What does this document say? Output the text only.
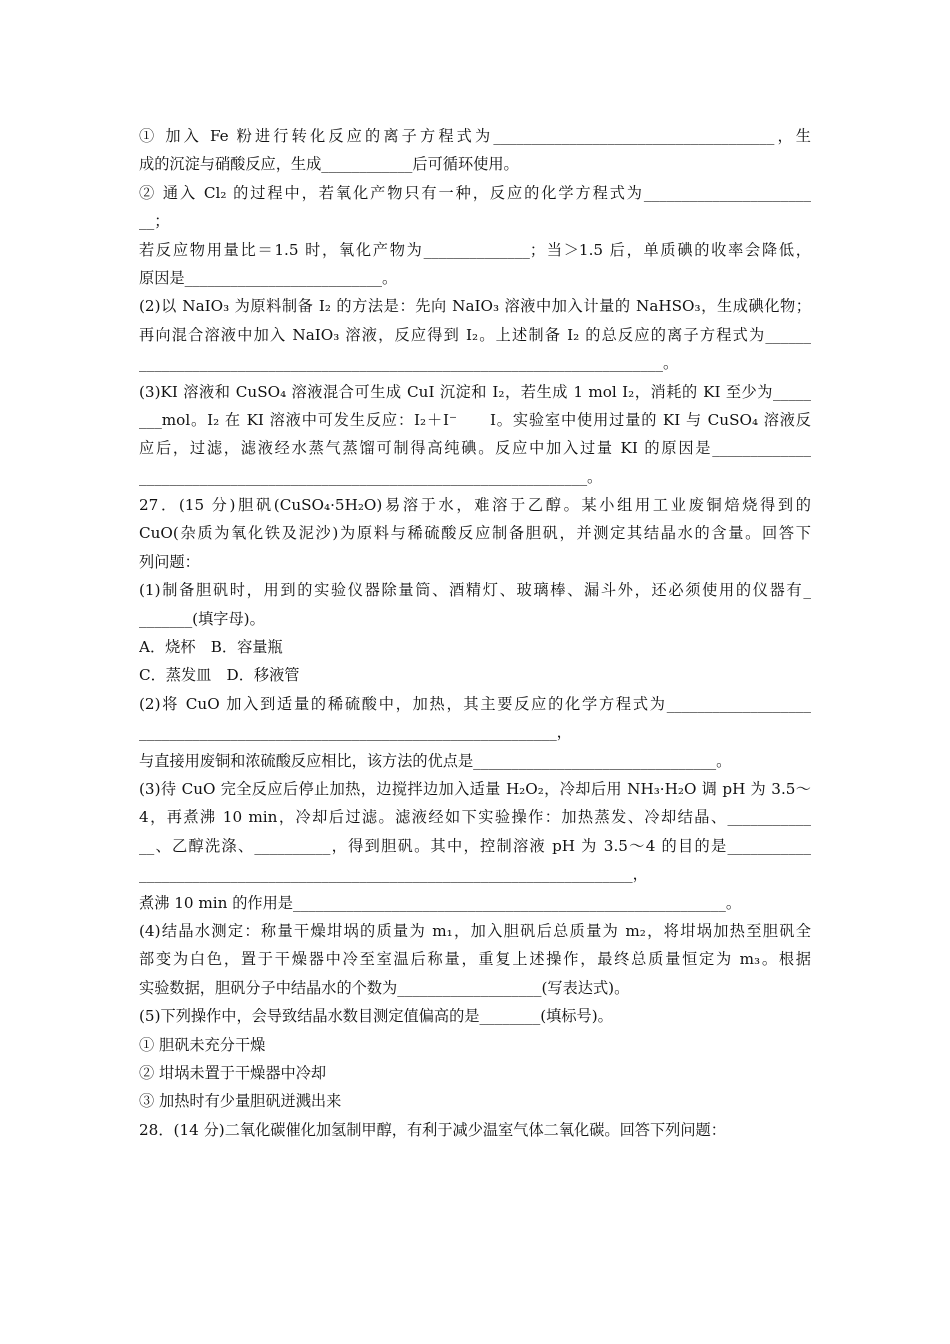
① 加入 Fe 粉进行转化反应的离子方程式为_____________________________________，生
成的沉淀与硝酸反应，生成____________后可循环使用。
② 通入 Cl₂ 的过程中，若氧化产物只有一种，反应的化学方程式为______________________
__；
若反应物用量比＝1.5 时，氧化产物为______________；当＞1.5 后，单质碘的收率会降低，
原因是__________________________。
(2)以 NaIO₃ 为原料制备 I₂ 的方法是：先向 NaIO₃ 溶液中加入计量的 NaHSO₃，生成碘化物；
再向混合溶液中加入 NaIO₃ 溶液，反应得到 I₂。上述制备 I₂ 的总反应的离子方程式为______
_____________________________________________________________________。
(3)KI 溶液和 CuSO₄ 溶液混合可生成 CuI 沉淀和 I₂，若生成 1 mol I₂，消耗的 KI 至少为_____
___mol。I₂ 在 KI 溶液中可发生反应：I₂＋I⁻　　I。实验室中使用过量的 KI 与 CuSO₄ 溶液反
应后，过滤，滤液经水蒸气蒸馏可制得高纯碘。反应中加入过量 KI 的原因是_____________
___________________________________________________________。
27．(15 分)胆矾(CuSO₄·5H₂O)易溶于水，难溶于乙醇。某小组用工业废铜焙烧得到的
CuO(杂质为氧化铁及泥沙)为原料与稀硫酸反应制备胆矾，并测定其结晶水的含量。回答下
列问题：
(1)制备胆矾时，用到的实验仪器除量筒、酒精灯、玻璃棒、漏斗外，还必须使用的仪器有_
_______(填字母)。
A．烧杯　B．容量瓶
C．蒸发皿　D．移液管
(2)将 CuO 加入到适量的稀硫酸中，加热，其主要反应的化学方程式为___________________
_______________________________________________________，
与直接用废铜和浓硫酸反应相比，该方法的优点是________________________________。
(3)待 CuO 完全反应后停止加热，边搅拌边加入适量 H₂O₂，冷却后用 NH₃·H₂O 调 pH 为 3.5～
4，再煮沸 10 min，冷却后过滤。滤液经如下实验操作：加热蒸发、冷却结晶、___________
__、乙醇洗涤、__________，得到胆矾。其中，控制溶液 pH 为 3.5～4 的目的是___________
_________________________________________________________________，
煮沸 10 min 的作用是_________________________________________________________。
(4)结晶水测定：称量干燥坩埚的质量为 m₁，加入胆矾后总质量为 m₂，将坩埚加热至胆矾全
部变为白色，置于干燥器中冷至室温后称量，重复上述操作，最终总质量恒定为 m₃。根据
实验数据，胆矾分子中结晶水的个数为___________________(写表达式)。
(5)下列操作中，会导致结晶水数目测定值偏高的是________(填标号)。
① 胆矾未充分干燥
② 坩埚未置于干燥器中冷却
③ 加热时有少量胆矾迸溅出来
28．(14 分)二氧化碳催化加氢制甲醇，有利于减少温室气体二氧化碳。回答下列问题：
